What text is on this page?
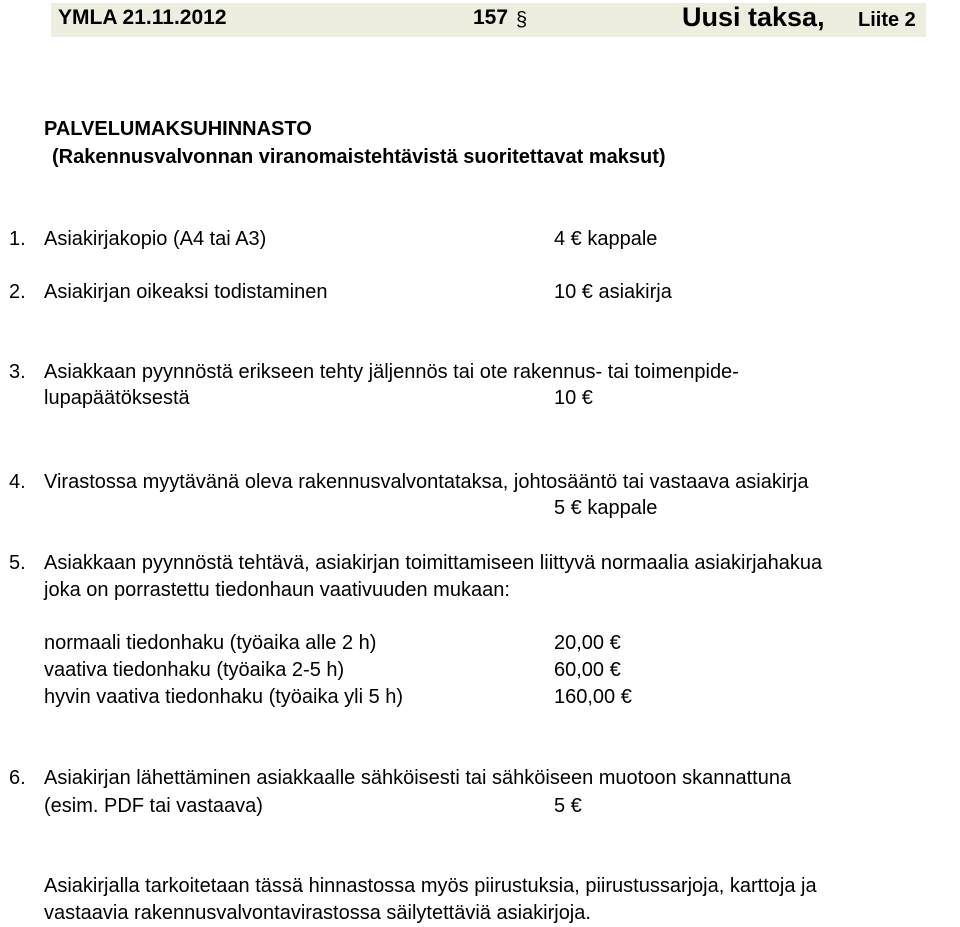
YMLA 21.11.2012	157 §	Uusi taksa, Liite 2
PALVELUMAKSUHINNASTO
(Rakennusvalvonnan viranomaistehtävistä suoritettavat maksut)
1. Asiakirjakopio (A4 tai A3)	4 € kappale
2. Asiakirjan oikeaksi todistaminen	10 € asiakirja
3. Asiakkaan pyynnöstä erikseen tehty jäljennös tai ote rakennus- tai toimenpide-
lupapäätöksestä	10 €
4. Virastossa myytävänä oleva rakennusvalvontataksa, johtosääntö tai vastaava asiakirja
5 € kappale
5. Asiakkaan pyynnöstä tehtävä, asiakirjan toimittamiseen liittyvä normaalia asiakirjahakua
joka on porrastettu tiedonhaun vaativuuden mukaan:
normaali tiedonhaku (työaika alle 2 h)	20,00 €
vaativa tiedonhaku (työaika 2-5 h)	60,00 €
hyvin vaativa tiedonhaku (työaika yli 5 h)	160,00 €
6. Asiakirjan lähettäminen asiakkaalle sähköisesti tai sähköiseen muotoon skannattuna
(esim. PDF tai vastaava)	5 €
Asiakirjalla tarkoitetaan tässä hinnastossa myös piirustuksia, piirustussarjoja, karttoja ja
vastaavia rakennusvalvontavirastossa säilytettäviä asiakirjoja.
